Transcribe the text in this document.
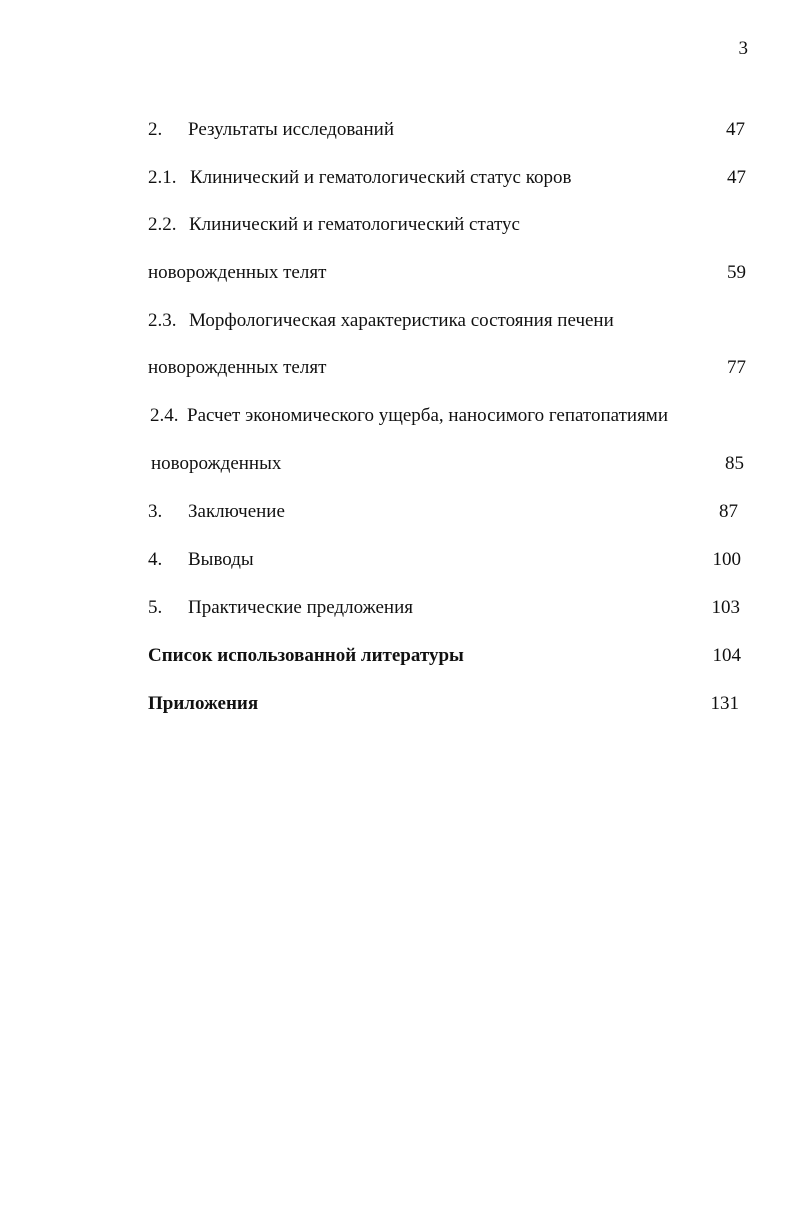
3
2. Результаты исследований	47
2.1. Клинический и гематологический статус коров	47
2.2. Клинический и гематологический статус
новорожденных телят	59
2.3. Морфологическая характеристика состояния печени
новорожденных телят	77
2.4. Расчет экономического ущерба, наносимого гепатопатиями
новорожденных	85
3. Заключение	87
4. Выводы	100
5. Практические предложения	103
Список использованной литературы	104
Приложения	131
